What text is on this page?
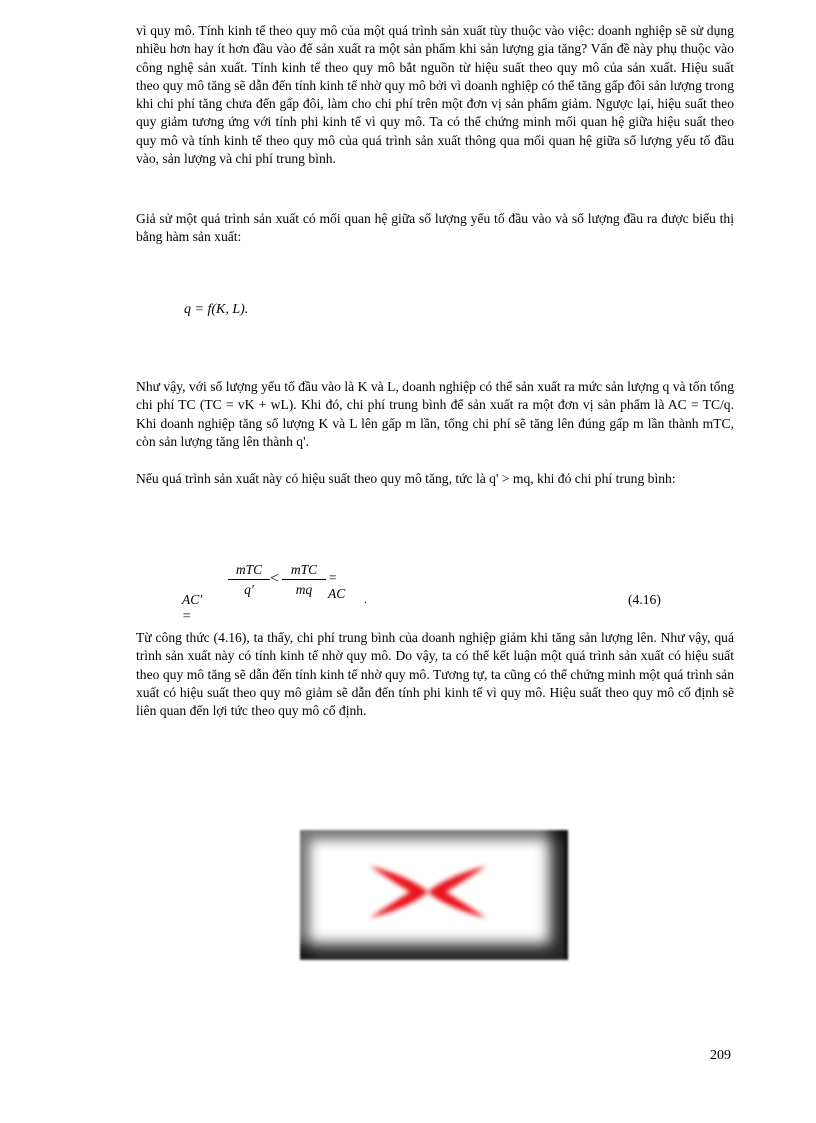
vì quy mô. Tính kinh tế theo quy mô của một quá trình sản xuất tùy thuộc vào việc: doanh nghiệp sẽ sử dụng nhiều hơn hay ít hơn đầu vào để sản xuất ra một sản phẩm khi sản lượng gia tăng? Vấn đề này phụ thuộc vào công nghệ sản xuất. Tính kinh tế theo quy mô bắt nguồn từ hiệu suất theo quy mô của sản xuất. Hiệu suất theo quy mô tăng sẽ dẫn đến tính kinh tế nhờ quy mô bởi vì doanh nghiệp có thể tăng gấp đôi sản lượng trong khi chi phí tăng chưa đến gấp đôi, làm cho chi phí trên một đơn vị sản phẩm giảm. Ngược lại, hiệu suất theo quy giảm tương ứng với tính phi kinh tế vì quy mô. Ta có thể chứng minh mối quan hệ giữa hiệu suất theo quy mô và tính kinh tế theo quy mô của quá trình sản xuất thông qua mối quan hệ giữa số lượng yếu tố đầu vào, sản lượng và chi phí trung bình.

Giả sử một quá trình sản xuất có mối quan hệ giữa số lượng yếu tố đầu vào và số lượng đầu ra được biểu thị bằng hàm sản xuất:

q = f(K, L).

Như vậy, với số lượng yếu tố đầu vào là K và L, doanh nghiệp có thể sản xuất ra mức sản lượng q và tốn tổng chi phí TC (TC = vK + wL). Khi đó, chi phí trung bình để sản xuất ra một đơn vị sản phẩm là AC = TC/q. Khi doanh nghiệp tăng số lượng K và L lên gấp m lần, tổng chi phí sẽ tăng lên đúng gấp m lần thành mTC, còn sản lượng tăng lên thành q'.

Nếu quá trình sản xuất này có hiệu suất theo quy mô tăng, tức là q' > mq, khi đó chi phí trung bình:

AC' =
mTC
q'
<
mTC
mq
= AC .	(4.16)

Từ công thức (4.16), ta thấy, chi phí trung bình của doanh nghiệp giảm khi tăng sản lượng lên. Như vậy, quá trình sản xuất này có tính kinh tế nhờ quy mô. Do vậy, ta có thể kết luận một quá trình sản xuất có hiệu suất theo quy mô tăng sẽ dẫn đến tính kinh tế nhờ quy mô. Tương tự, ta cũng có thể chứng minh một quá trình sản xuất có hiệu suất theo quy mô giảm sẽ dẫn đến tính phi kinh tế vì quy mô. Hiệu suất theo quy mô cố định sẽ liên quan đến lợi tức theo quy mô cố định.

209
